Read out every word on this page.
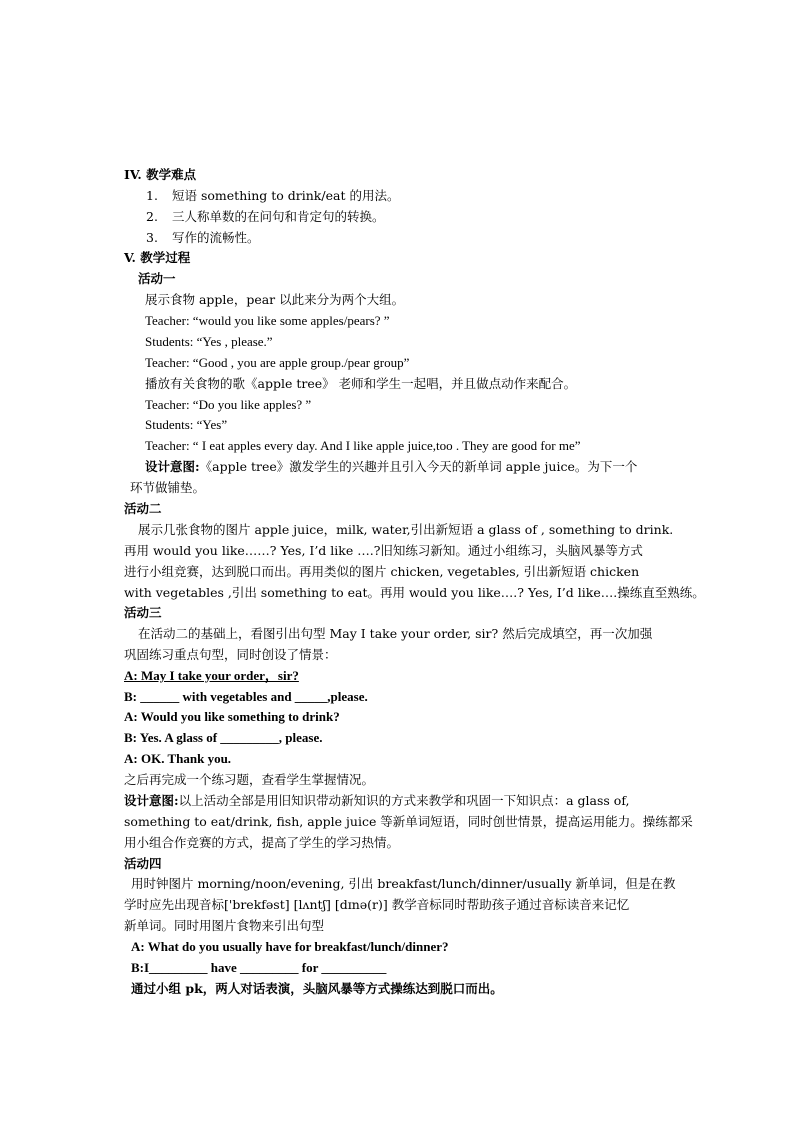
IV. 教学难点
1. 短语 something to drink/eat 的用法。
2. 三人称单数的在问句和肯定句的转换。
3. 写作的流畅性。
V. 教学过程
活动一
展示食物 apple，pear 以此来分为两个大组。
Teacher: “would you like some apples/pears? ”
Students: “Yes , please.”
Teacher: “Good , you are apple group./pear group”
播放有关食物的歌《apple tree》 老师和学生一起唱，并且做点动作来配合。
Teacher: “Do you like apples? ”
Students: “Yes”
Teacher: “ I eat apples every day. And I like apple juice,too . They are good for me”
设计意图:《apple tree》激发学生的兴趣并且引入今天的新单词 apple juice。为下一个
环节做铺垫。
活动二
展示几张食物的图片 apple juice，milk, water,引出新短语 a glass of , something to drink.
再用 would you like……? Yes, I’d like ….?旧知练习新知。通过小组练习，头脑风暴等方式
进行小组竞赛，达到脱口而出。再用类似的图片 chicken, vegetables, 引出新短语 chicken
with vegetables ,引出 something to eat。再用 would you like….? Yes, I’d like….操练直至熟练。
活动三
在活动二的基础上，看图引出句型 May I take your order, sir? 然后完成填空，再一次加强
巩固练习重点句型，同时创设了情景：
A: May I take your order，sir?
B: ______ with vegetables and _____,please.
A: Would you like something to drink?
B: Yes. A glass of _________, please.
A: OK. Thank you.
之后再完成一个练习题，查看学生掌握情况。
设计意图:以上活动全部是用旧知识带动新知识的方式来教学和巩固一下知识点：a glass of,
something to eat/drink, fish, apple juice 等新单词短语，同时创世情景，提高运用能力。操练都采
用小组合作竞赛的方式，提高了学生的学习热情。
活动四
用时钟图片 morning/noon/evening, 引出 breakfast/lunch/dinner/usually 新单词，但是在教
学时应先出现音标['brekfəst] [lʌntʃ] [dɪnə(r)] 教学音标同时帮助孩子通过音标读音来记忆
新单词。同时用图片食物来引出句型
A: What do you usually have for breakfast/lunch/dinner?
B:I_________ have _________ for __________
通过小组 pk，两人对话表演，头脑风暴等方式操练达到脱口而出。
